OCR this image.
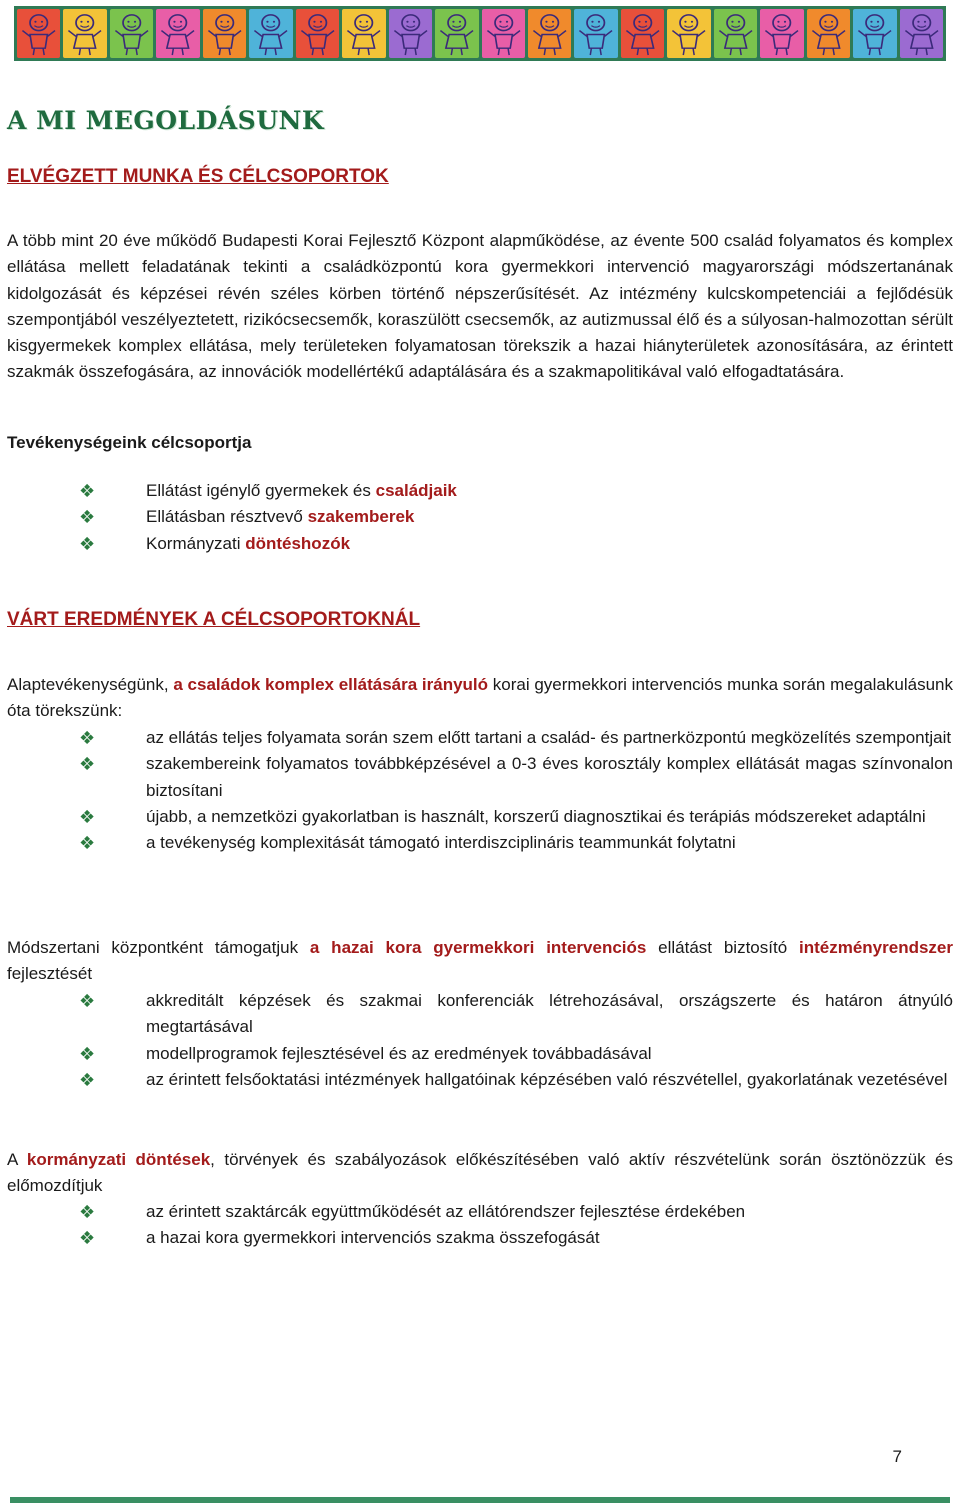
A MI MEGOLDÁSUNK
ELVÉGZETT MUNKA ÉS CÉLCSOPORTOK

A több mint 20 éve működő Budapesti Korai Fejlesztő Központ alapműködése, az évente 500 család folyamatos és komplex ellátása mellett feladatának tekinti a családközpontú kora gyermekkori intervenció magyarországi módszertanának kidolgozását és képzései révén széles körben történő népszerűsítését. Az intézmény kulcskompetenciái a fejlődésük szempontjából veszélyeztetett, rizikócsecsemők, koraszülött csecsemők, az autizmussal élő és a súlyosan-halmozottan sérült kisgyermekek komplex ellátása, mely területeken folyamatosan törekszik a hazai hiányterületek azonosítására, az érintett szakmák összefogására, az innovációk modellértékű adaptálására és a szakmapolitikával való elfogadtatására.

Tevékenységeink célcsoportja

❖	Ellátást igénylő gyermekek és családjaik
❖	Ellátásban résztvevő szakemberek
❖	Kormányzati döntéshozók
VÁRT EREDMÉNYEK A CÉLCSOPORTOKNÁL

Alaptevékenységünk, a családok komplex ellátására irányuló korai gyermekkori intervenciós munka során megalakulásunk óta törekszünk:

❖	az ellátás teljes folyamata során szem előtt tartani a család- és partnerközpontú megközelítés szempontjait
❖	szakembereink folyamatos továbbképzésével a 0-3 éves korosztály komplex ellátását magas színvonalon biztosítani
❖	újabb, a nemzetközi gyakorlatban is használt, korszerű diagnosztikai és terápiás módszereket adaptálni
❖	a tevékenység komplexitását támogató interdiszciplináris teammunkát folytatni

Módszertani központként támogatjuk a hazai kora gyermekkori intervenciós ellátást biztosító intézményrendszer fejlesztését

❖	akkreditált képzések és szakmai konferenciák létrehozásával, országszerte és határon átnyúló megtartásával
❖	modellprogramok fejlesztésével és az eredmények továbbadásával
❖	az érintett felsőoktatási intézmények hallgatóinak képzésében való részvétellel, gyakorlatának vezetésével

A kormányzati döntések, törvények és szabályozások előkészítésében való aktív részvételünk során ösztönözzük és előmozdítjuk

❖	az érintett szaktárcák együttműködését az ellátórendszer fejlesztése érdekében
❖	a hazai kora gyermekkori intervenciós szakma összefogását
7
